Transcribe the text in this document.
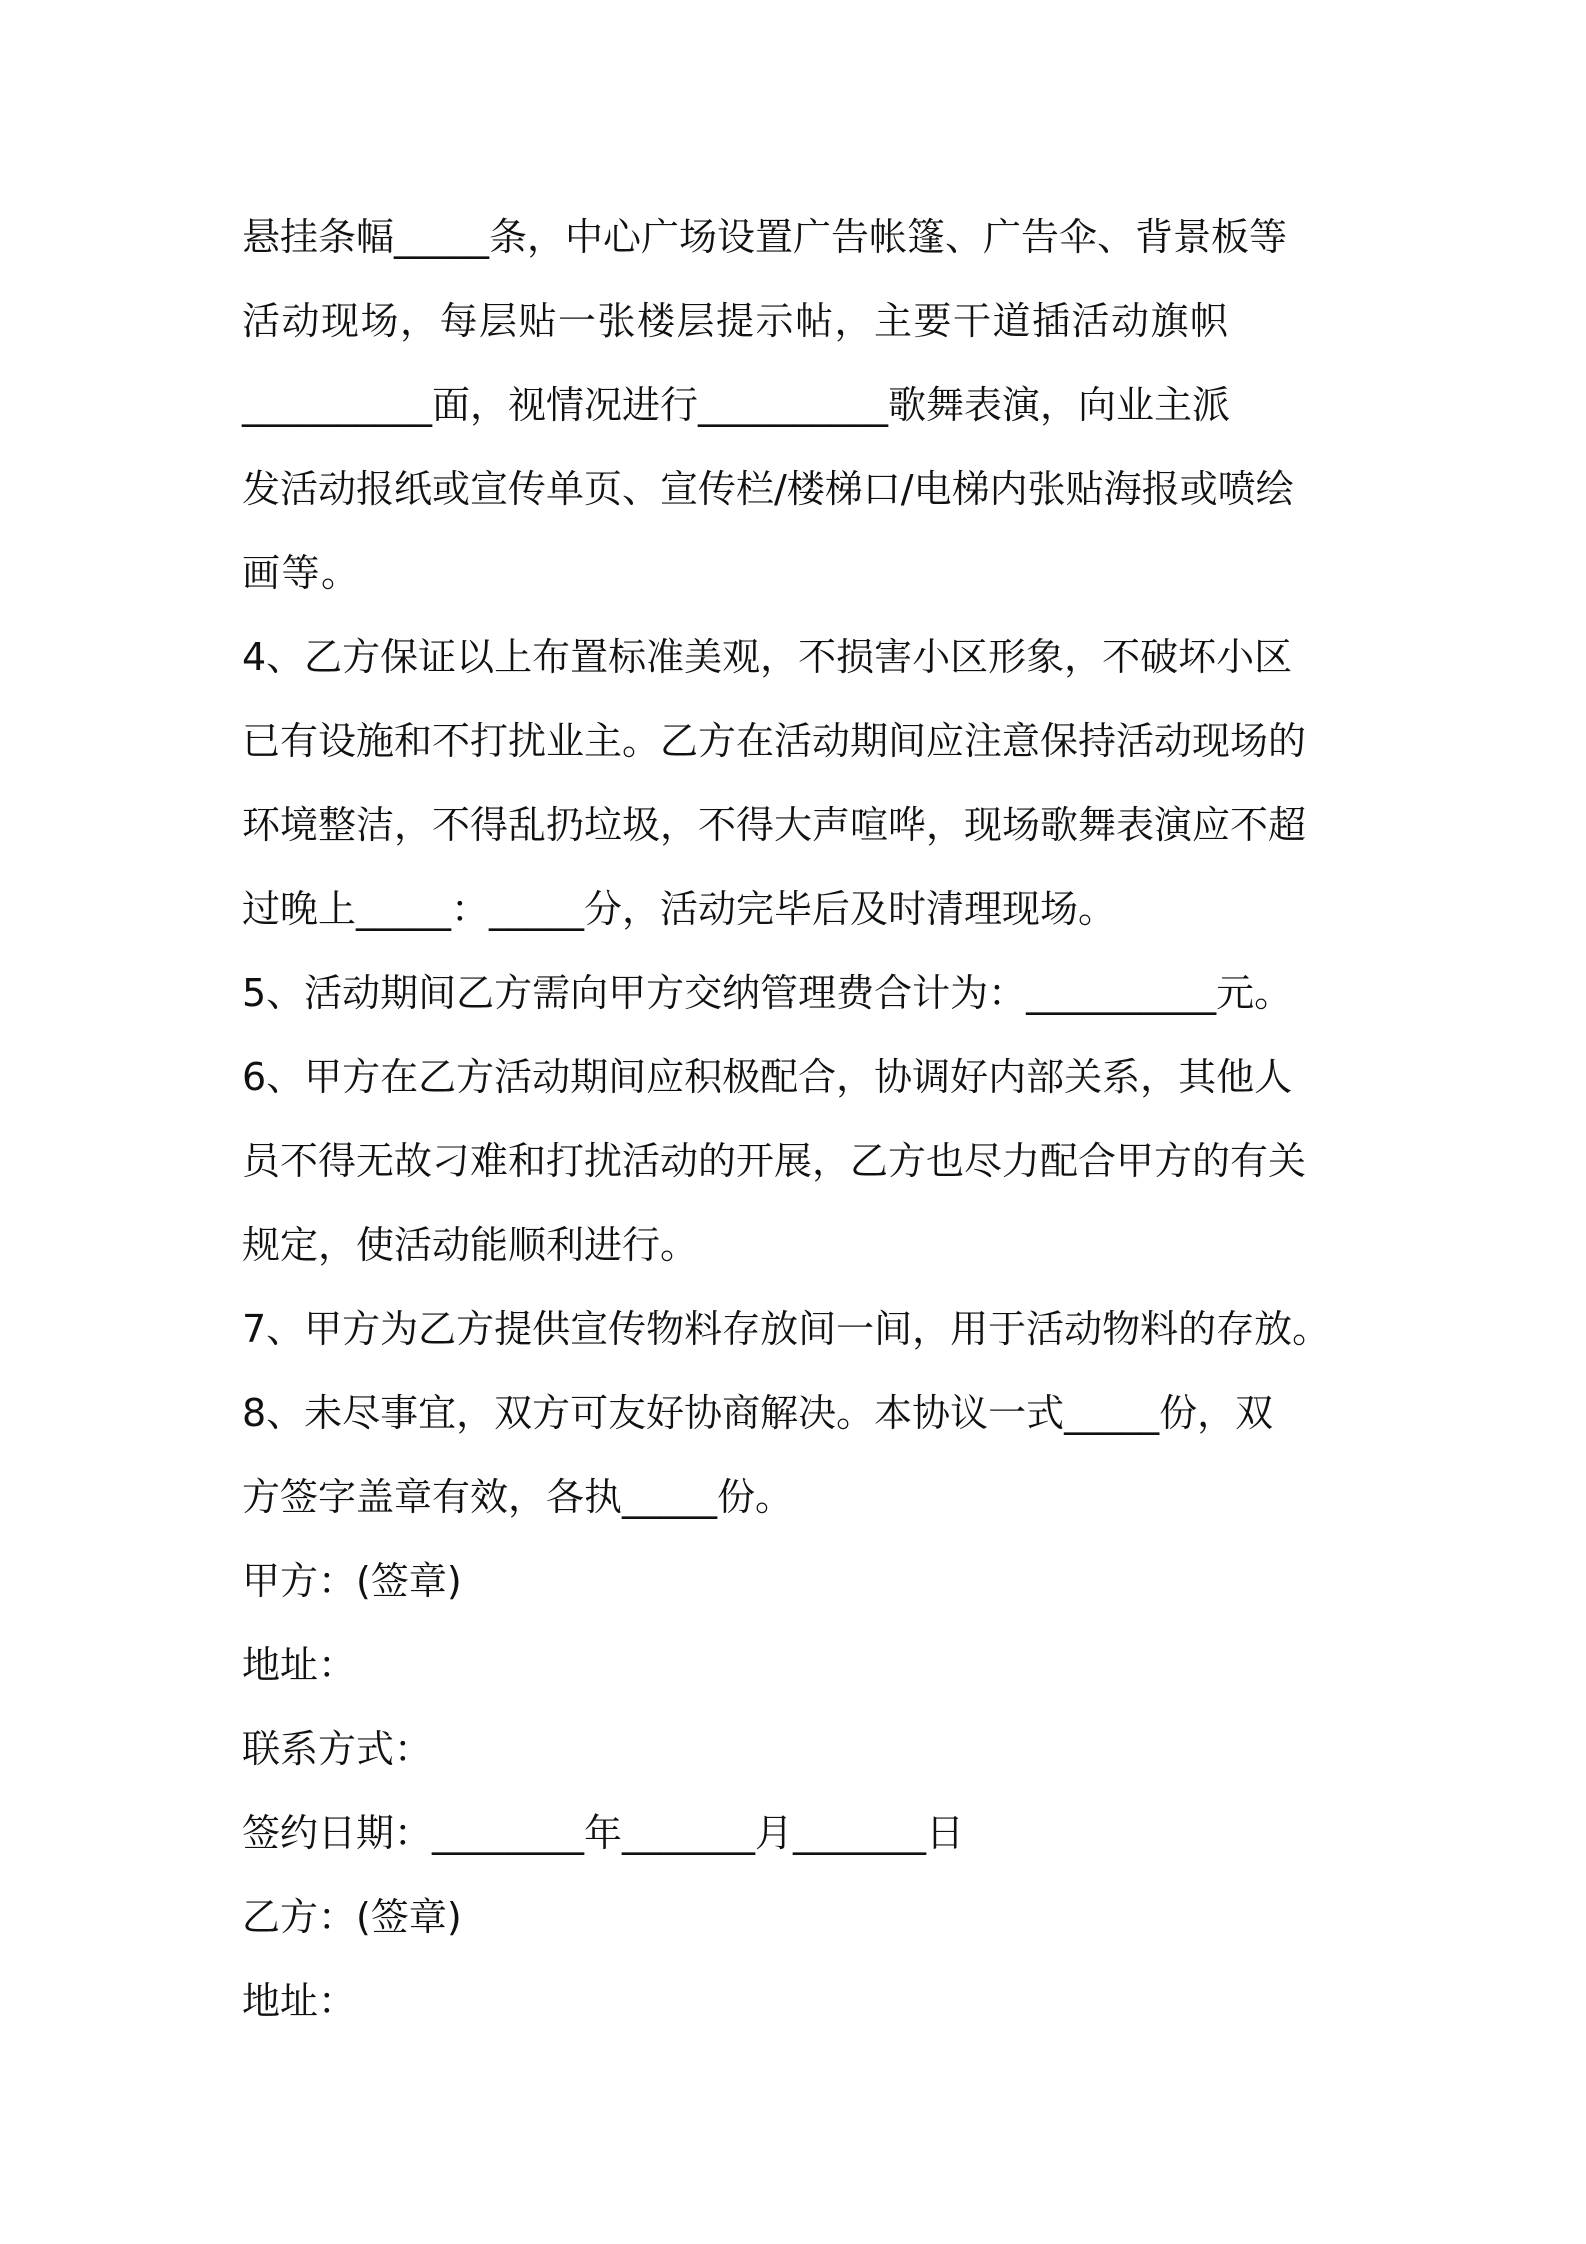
悬挂条幅_____条，中心广场设置广告帐篷、广告伞、背景板等
活动现场，每层贴一张楼层提示帖，主要干道插活动旗帜
__________面，视情况进行__________歌舞表演，向业主派
发活动报纸或宣传单页、宣传栏/楼梯口/电梯内张贴海报或喷绘
画等。
4、乙方保证以上布置标准美观，不损害小区形象，不破坏小区
已有设施和不打扰业主。乙方在活动期间应注意保持活动现场的
环境整洁，不得乱扔垃圾，不得大声喧哗，现场歌舞表演应不超
过晚上_____：_____分，活动完毕后及时清理现场。
5、活动期间乙方需向甲方交纳管理费合计为：__________元。
6、甲方在乙方活动期间应积极配合，协调好内部关系，其他人
员不得无故刁难和打扰活动的开展，乙方也尽力配合甲方的有关
规定，使活动能顺利进行。
7、甲方为乙方提供宣传物料存放间一间，用于活动物料的存放。
8、未尽事宜，双方可友好协商解决。本协议一式_____份，双
方签字盖章有效，各执_____份。
甲方：(签章)
地址：
联系方式：
签约日期：________年_______月_______日
乙方：(签章)
地址：
